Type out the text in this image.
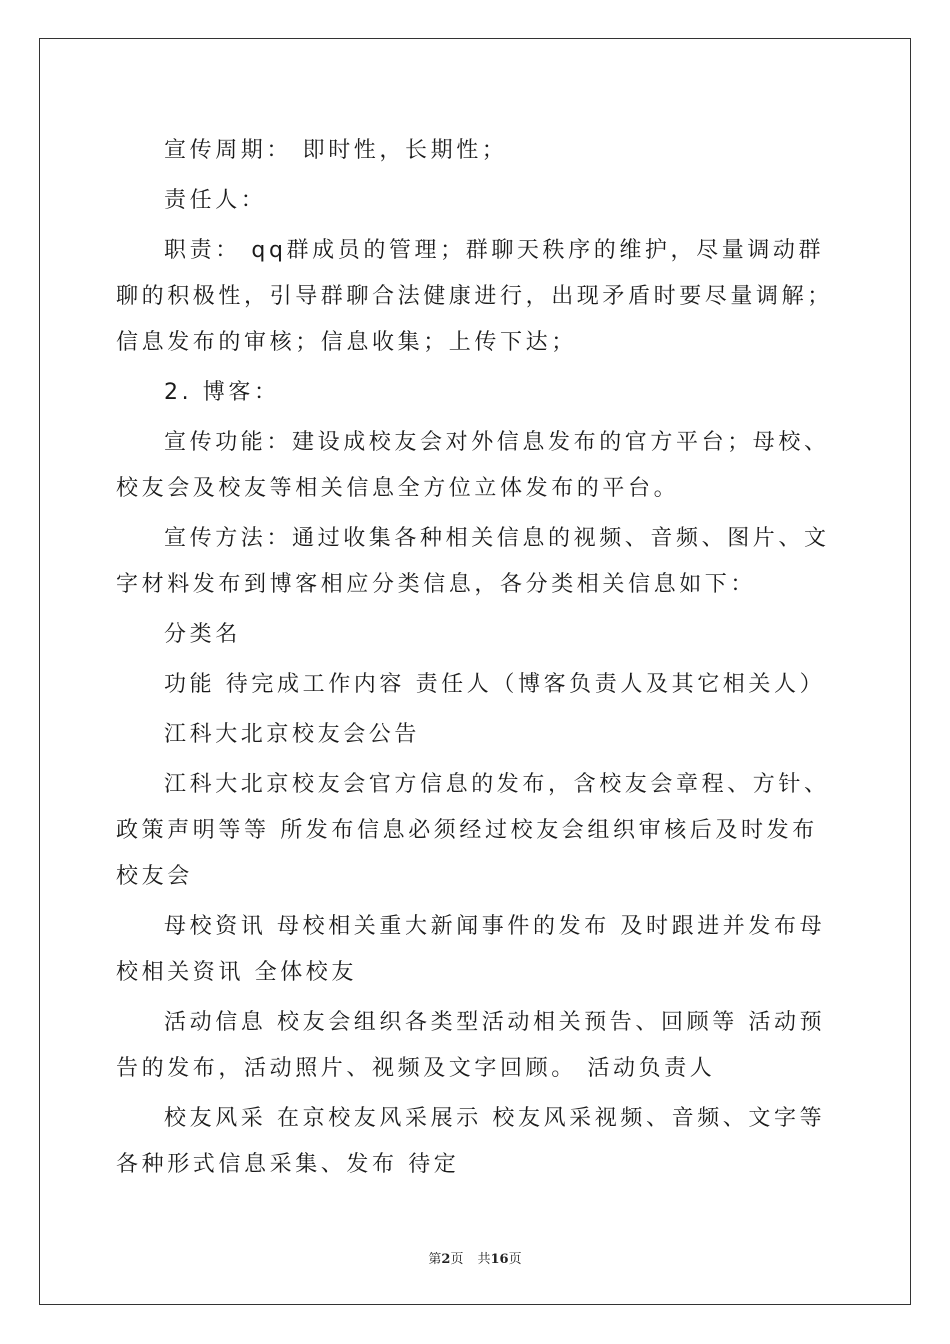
宣传周期： 即时性，长期性；

责任人：

职责： qq群成员的管理；群聊天秩序的维护，尽量调动群聊的积极性，引导群聊合法健康进行，出现矛盾时要尽量调解；信息发布的审核；信息收集；上传下达；

2. 博客：

宣传功能：建设成校友会对外信息发布的官方平台；母校、校友会及校友等相关信息全方位立体发布的平台。

宣传方法：通过收集各种相关信息的视频、音频、图片、文字材料发布到博客相应分类信息，各分类相关信息如下：

分类名

功能 待完成工作内容 责任人（博客负责人及其它相关人）

江科大北京校友会公告

江科大北京校友会官方信息的发布，含校友会章程、方针、政策声明等等 所发布信息必须经过校友会组织审核后及时发布 校友会

母校资讯 母校相关重大新闻事件的发布 及时跟进并发布母校相关资讯 全体校友

活动信息 校友会组织各类型活动相关预告、回顾等 活动预告的发布，活动照片、视频及文字回顾。 活动负责人

校友风采 在京校友风采展示 校友风采视频、音频、文字等各种形式信息采集、发布 待定

第2页 共16页
